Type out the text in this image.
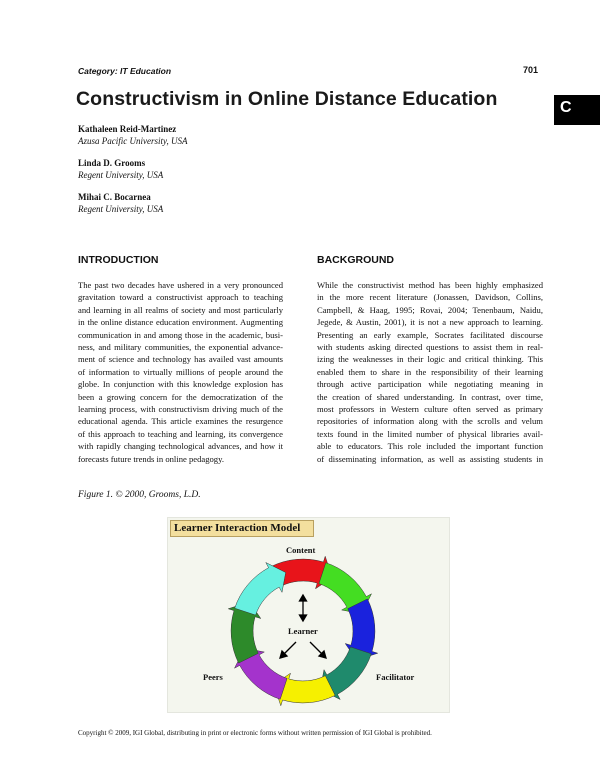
Category: IT Education	701
C
Constructivism in Online Distance Education
Kathaleen Reid-Martinez
Azusa Pacific University, USA
Linda D. Grooms
Regent University, USA
Mihai C. Bocarnea
Regent University, USA
INTRODUCTION
The past two decades have ushered in a very pronounced
gravitation toward a constructivist approach to teaching
and learning in all realms of society and most particularly
in the online distance education environment. Augmenting
communication in and among those in the academic, busi-
ness, and military communities, the exponential advance-
ment of science and technology has availed vast amounts
of information to virtually millions of people around the
globe. In conjunction with this knowledge explosion has
been a growing concern for the democratization of the
learning process, with constructivism driving much of the
educational agenda. This article examines the resurgence
of this approach to teaching and learning, its convergence
with rapidly changing technological advances, and how it
forecasts future trends in online pedagogy.
BACKGROUND
While the constructivist method has been highly emphasized
in the more recent literature (Jonassen, Davidson, Collins,
Campbell, & Haag, 1995; Rovai, 2004; Tenenbaum, Naidu,
Jegede, & Austin, 2001), it is not a new approach to learning.
Presenting an early example, Socrates facilitated discourse
with students asking directed questions to assist them in real-
izing the weaknesses in their logic and critical thinking. This
enabled them to share in the responsibility of their learning
through active participation while negotiating meaning in
the creation of shared understanding. In contrast, over time,
most professors in Western culture often served as primary
repositories of information along with the scrolls and velum
texts found in the limited number of physical libraries avail-
able to educators. This role included the important function
of disseminating information, as well as assisting students in
Figure 1. © 2000, Grooms, L.D.
Learner Interaction Model
Content
Learner
Peers	Facilitator
Copyright © 2009, IGI Global, distributing in print or electronic forms without written permission of IGI Global is prohibited.
